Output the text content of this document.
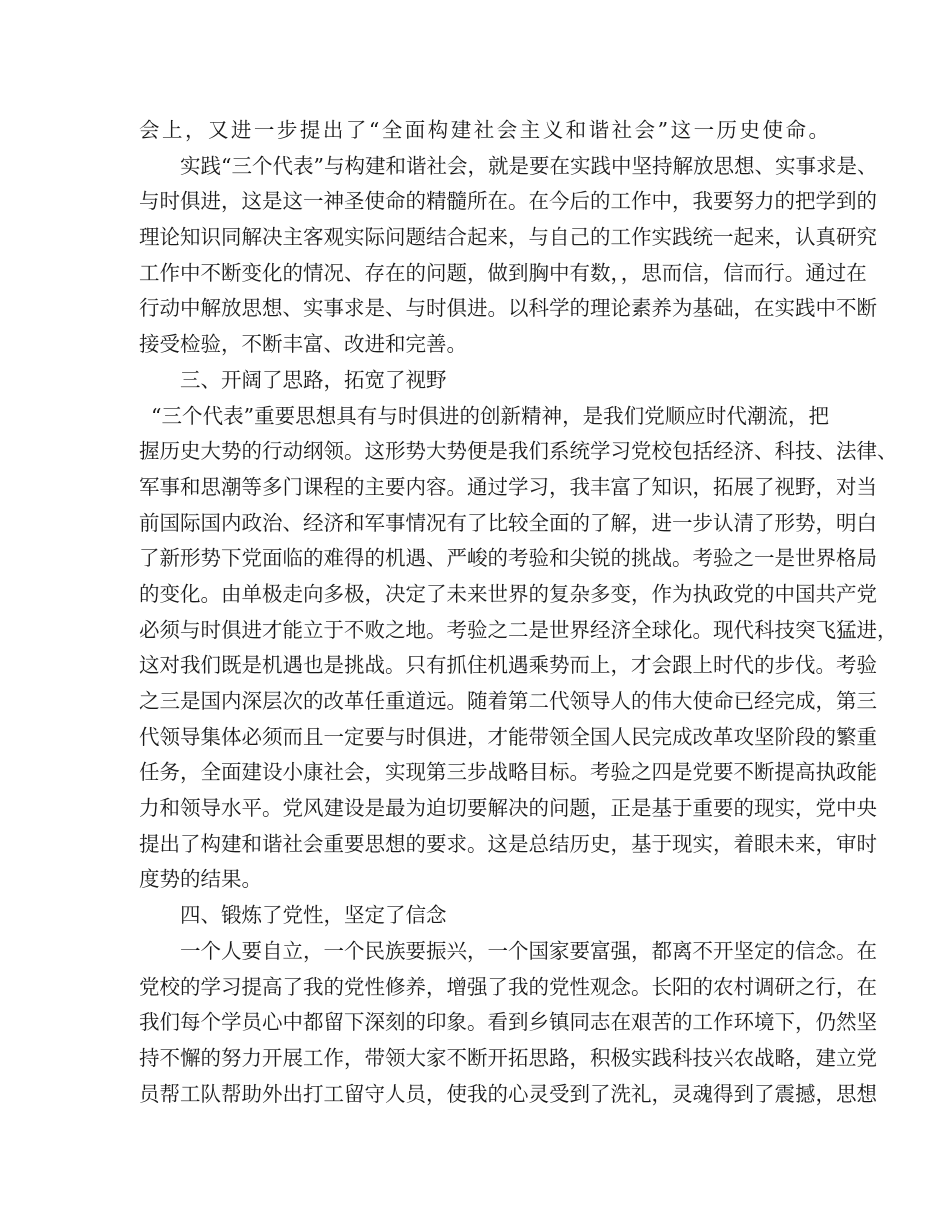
会上，又进一步提出了“全面构建社会主义和谐社会”这一历史使命。
实践“三个代表”与构建和谐社会，就是要在实践中坚持解放思想、实事求是、
与时俱进，这是这一神圣使命的精髓所在。在今后的工作中，我要努力的把学到的
理论知识同解决主客观实际问题结合起来，与自己的工作实践统一起来，认真研究
工作中不断变化的情况、存在的问题，做到胸中有数，，思而信，信而行。通过在
行动中解放思想、实事求是、与时俱进。以科学的理论素养为基础，在实践中不断
接受检验，不断丰富、改进和完善。
三、开阔了思路，拓宽了视野
“三个代表”重要思想具有与时俱进的创新精神，是我们党顺应时代潮流，把
握历史大势的行动纲领。这形势大势便是我们系统学习党校包括经济、科技、法律、
军事和思潮等多门课程的主要内容。通过学习，我丰富了知识，拓展了视野，对当
前国际国内政治、经济和军事情况有了比较全面的了解，进一步认清了形势，明白
了新形势下党面临的难得的机遇、严峻的考验和尖锐的挑战。考验之一是世界格局
的变化。由单极走向多极，决定了未来世界的复杂多变，作为执政党的中国共产党
必须与时俱进才能立于不败之地。考验之二是世界经济全球化。现代科技突飞猛进，
这对我们既是机遇也是挑战。只有抓住机遇乘势而上，才会跟上时代的步伐。考验
之三是国内深层次的改革任重道远。随着第二代领导人的伟大使命已经完成，第三
代领导集体必须而且一定要与时俱进，才能带领全国人民完成改革攻坚阶段的繁重
任务，全面建设小康社会，实现第三步战略目标。考验之四是党要不断提高执政能
力和领导水平。党风建设是最为迫切要解决的问题，正是基于重要的现实，党中央
提出了构建和谐社会重要思想的要求。这是总结历史，基于现实，着眼未来，审时
度势的结果。
四、锻炼了党性，坚定了信念
一个人要自立，一个民族要振兴，一个国家要富强，都离不开坚定的信念。在
党校的学习提高了我的党性修养，增强了我的党性观念。长阳的农村调研之行，在
我们每个学员心中都留下深刻的印象。看到乡镇同志在艰苦的工作环境下，仍然坚
持不懈的努力开展工作，带领大家不断开拓思路，积极实践科技兴农战略，建立党
员帮工队帮助外出打工留守人员，使我的心灵受到了洗礼，灵魂得到了震撼，思想
